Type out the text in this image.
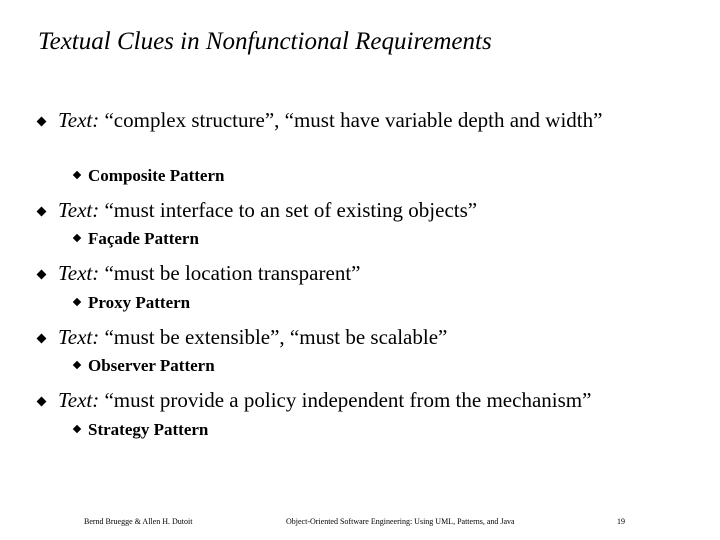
Textual Clues in Nonfunctional Requirements
Text: “complex structure”, “must have variable depth and width”
Composite Pattern
Text: “must interface to an set of existing objects”
Façade Pattern
Text: “must be location transparent”
Proxy Pattern
Text: “must be extensible”, “must be scalable”
Observer Pattern
Text: “must provide a policy independent from the mechanism”
Strategy Pattern
Bernd Bruegge & Allen H. Dutoit	Object-Oriented Software Engineering: Using UML, Patterns, and Java	19
